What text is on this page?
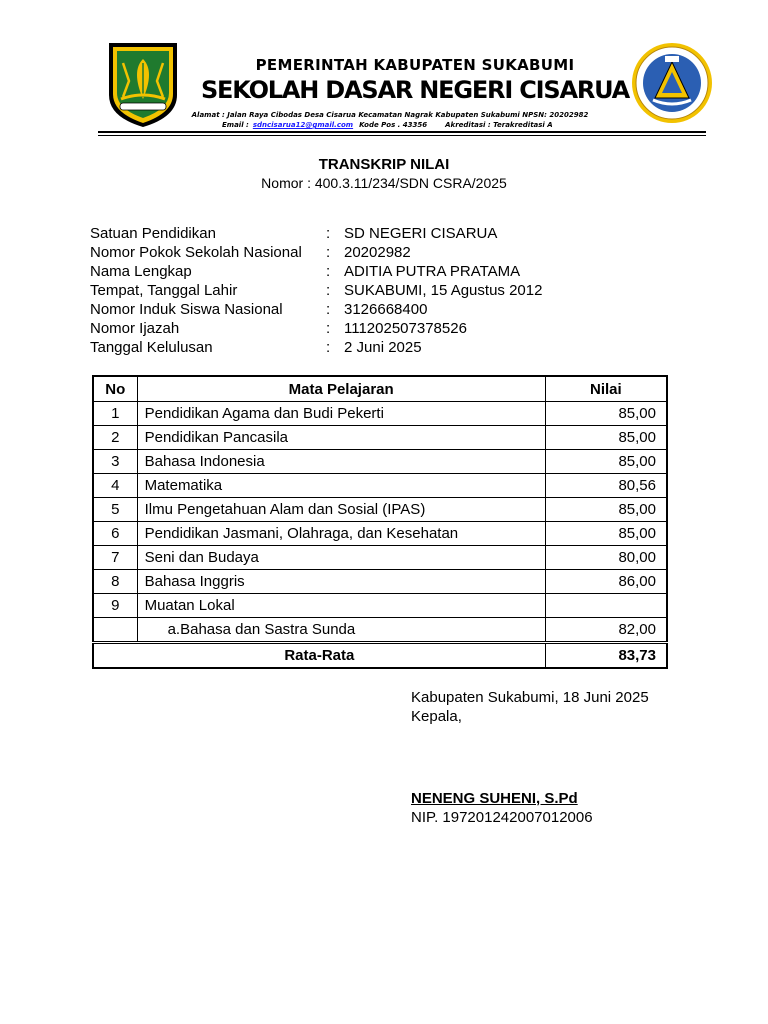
PEMERINTAH KABUPATEN SUKABUMI
SEKOLAH DASAR NEGERI CISARUA
Alamat : Jalan Raya Cibodas Desa Cisarua Kecamatan Nagrak Kabupaten Sukabumi NPSN: 20202982
Email : sdncisarua12@gmail.com Kode Pos . 43356	Akreditasi : Terakreditasi A
TRANSKRIP NILAI
Nomor : 400.3.11/234/SDN CSRA/2025
Satuan Pendidikan	: SD NEGERI CISARUA
Nomor Pokok Sekolah Nasional : 20202982
Nama Lengkap	: ADITIA PUTRA PRATAMA
Tempat, Tanggal Lahir	: SUKABUMI, 15 Agustus 2012
Nomor Induk Siswa Nasional	: 3126668400
Nomor Ijazah	: 111202507378526
Tanggal Kelulusan	: 2 Juni 2025
No	Mata Pelajaran	Nilai
1	Pendidikan Agama dan Budi Pekerti	85,00
2	Pendidikan Pancasila	85,00
3	Bahasa Indonesia	85,00
4	Matematika	80,56
5	Ilmu Pengetahuan Alam dan Sosial (IPAS)	85,00
6	Pendidikan Jasmani, Olahraga, dan Kesehatan	85,00
7	Seni dan Budaya	80,00
8	Bahasa Inggris	86,00
9	Muatan Lokal	
	a.Bahasa dan Sastra Sunda	82,00
Rata-Rata		83,73
Kabupaten Sukabumi, 18 Juni 2025
Kepala,
NENENG SUHENI, S.Pd
NIP. 197201242007012006
